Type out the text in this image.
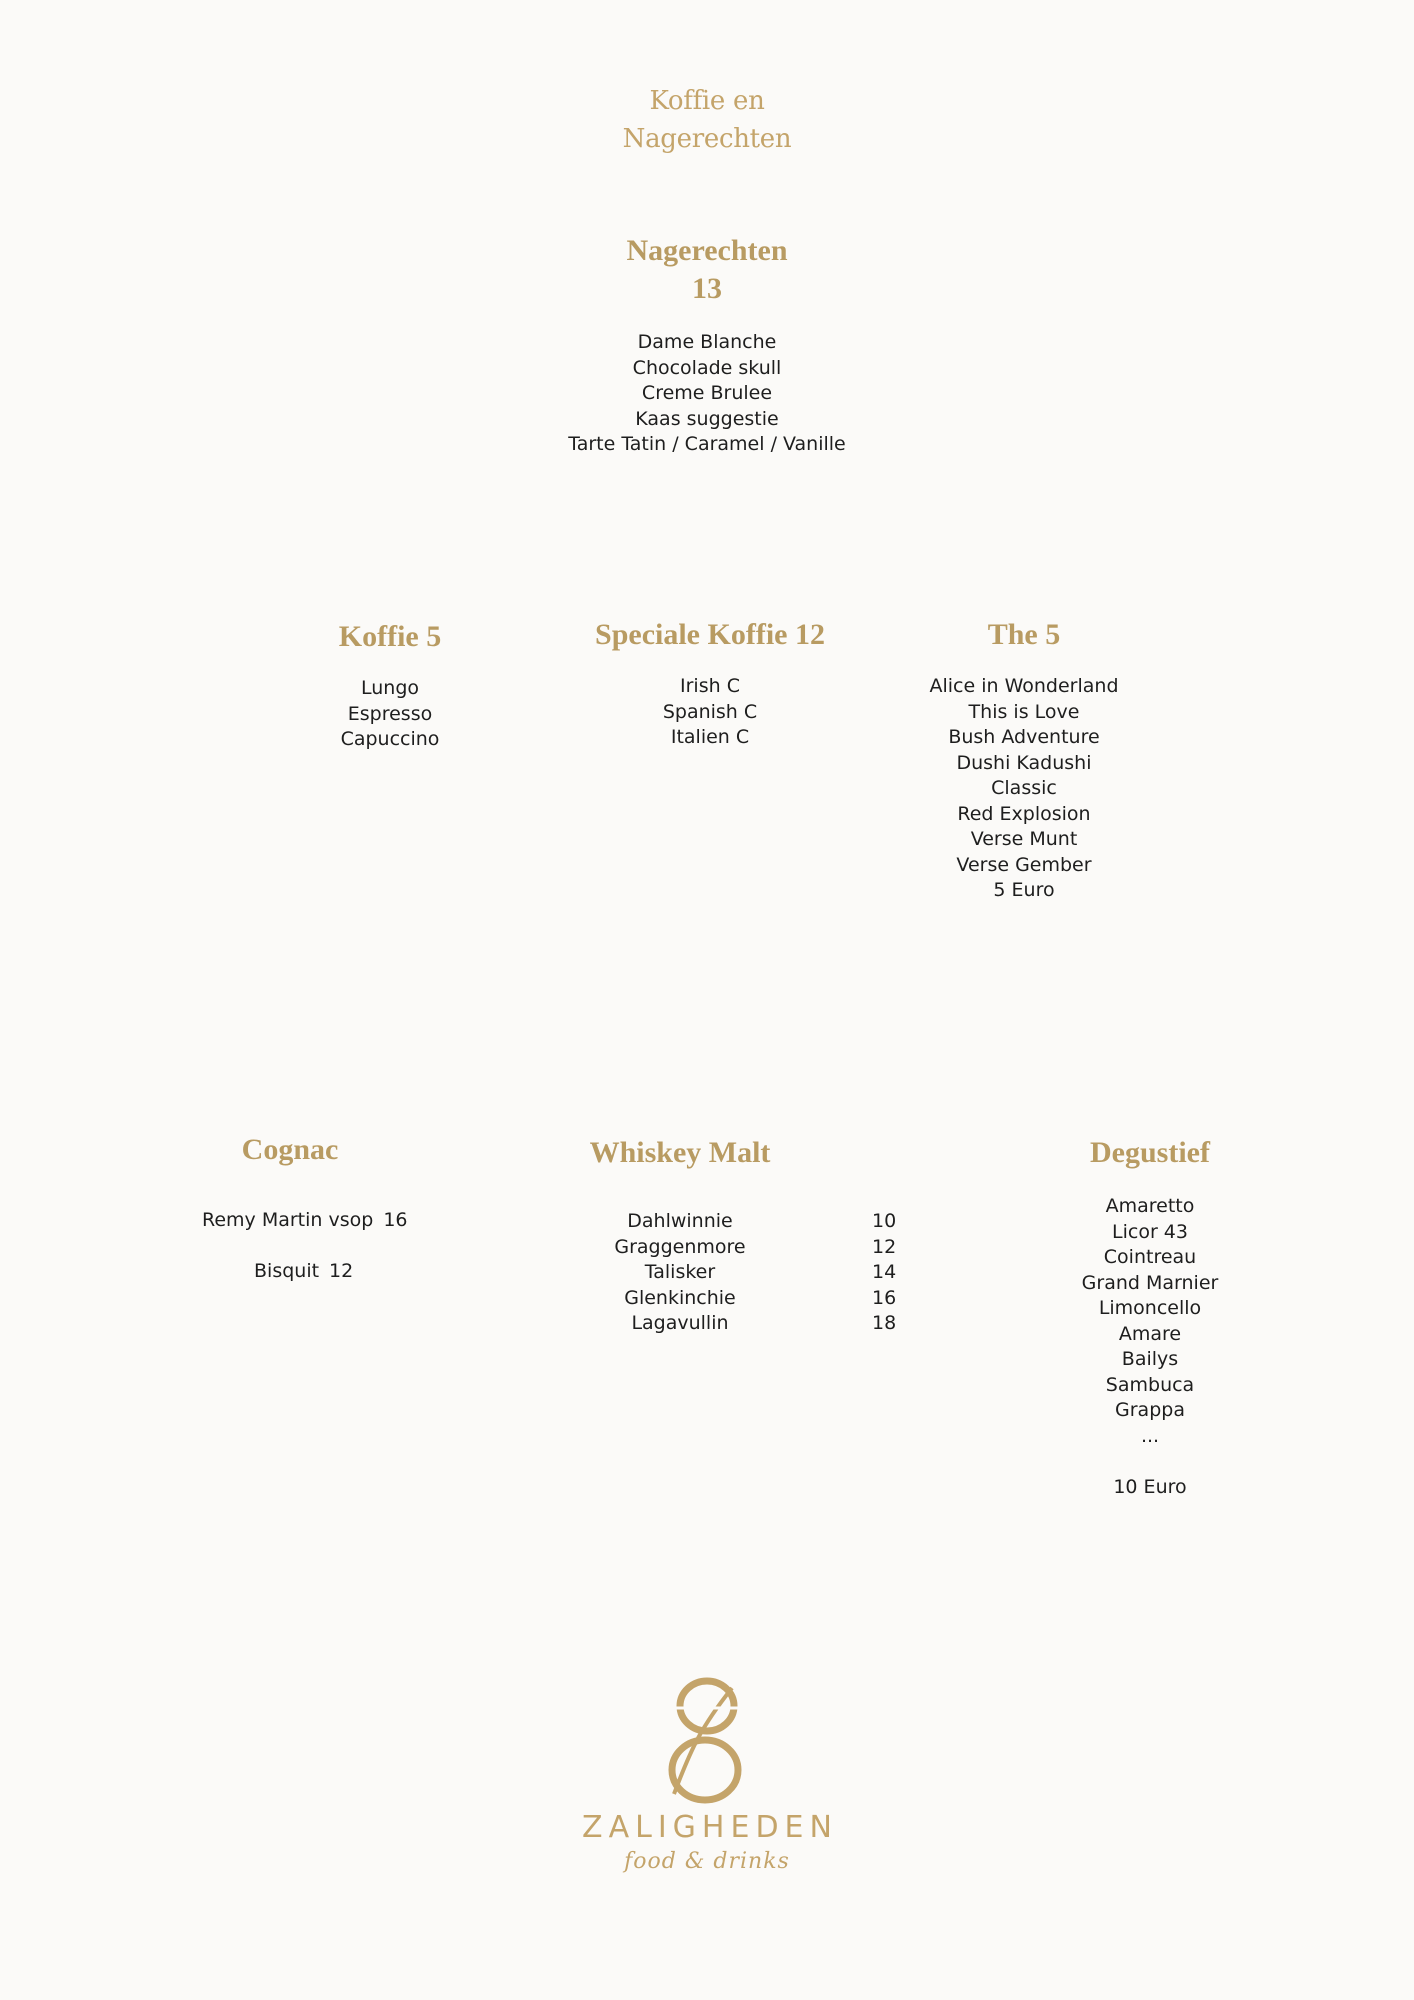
Koffie en
Nagerechten
Nagerechten
13
Dame Blanche
Chocolade skull
Creme Brulee
Kaas suggestie
Tarte Tatin / Caramel / Vanille
Koffie 5
Lungo
Espresso
Capuccino
Speciale Koffie 12
Irish C
Spanish C
Italien C
The 5
Alice in Wonderland
This is Love
Bush Adventure
Dushi Kadushi
Classic
Red Explosion
Verse Munt
Verse Gember
5 Euro
Cognac
Remy Martin vsop 16
Bisquit 12
Whiskey Malt
Dahlwinnie	10
Graggenmore	12
Talisker	14
Glenkinchie	16
Lagavullin	18
Degustief
Amaretto
Licor 43
Cointreau
Grand Marnier
Limoncello
Amare
Bailys
Sambuca
Grappa
...
10 Euro
ZALIGHEDEN
food & drinks
